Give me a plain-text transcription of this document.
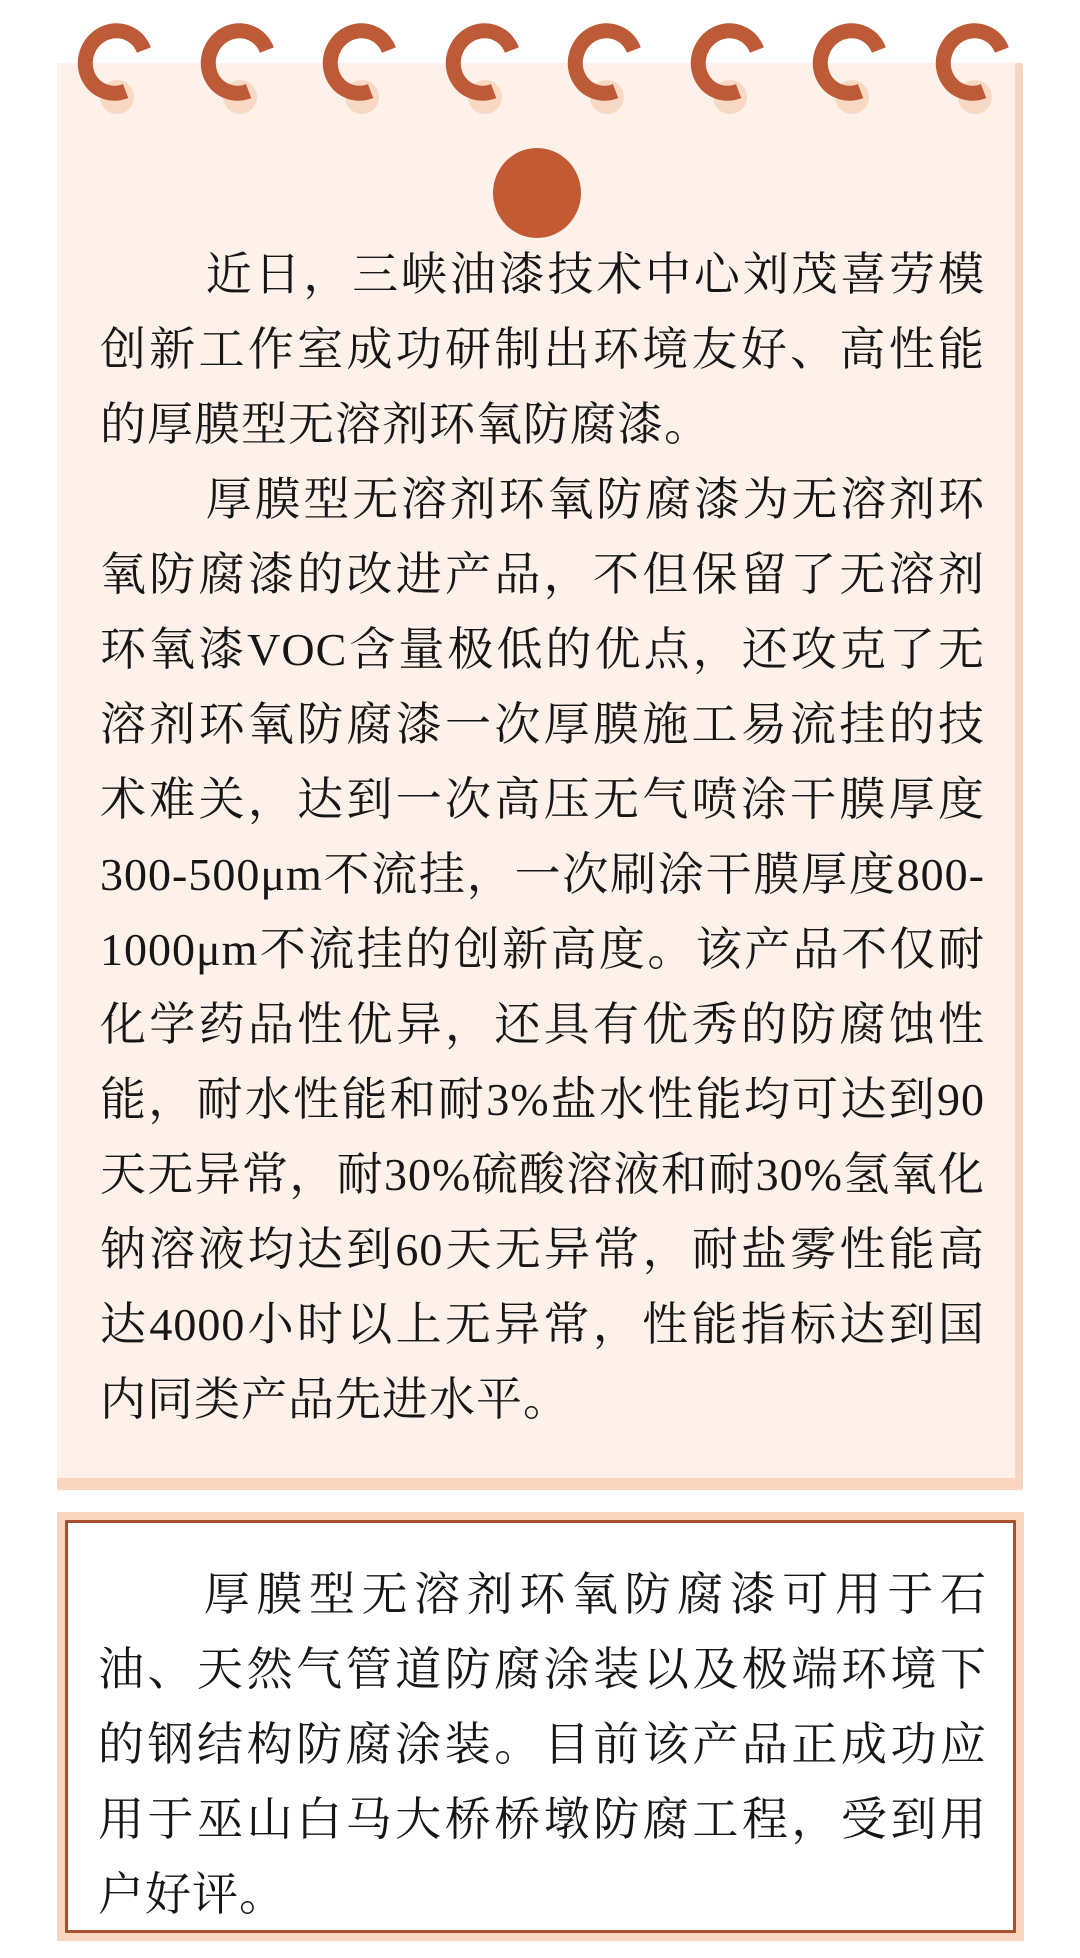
近日，三峡油漆技术中心刘茂喜劳模创新工作室成功研制出环境友好、高性能的厚膜型无溶剂环氧防腐漆。

厚膜型无溶剂环氧防腐漆为无溶剂环氧防腐漆的改进产品，不但保留了无溶剂环氧漆VOC含量极低的优点，还攻克了无溶剂环氧防腐漆一次厚膜施工易流挂的技术难关，达到一次高压无气喷涂干膜厚度300-500μm不流挂，一次刷涂干膜厚度800-1000μm不流挂的创新高度。该产品不仅耐化学药品性优异，还具有优秀的防腐蚀性能，耐水性能和耐3%盐水性能均可达到90天无异常，耐30%硫酸溶液和耐30%氢氧化钠溶液均达到60天无异常，耐盐雾性能高达4000小时以上无异常，性能指标达到国内同类产品先进水平。

厚膜型无溶剂环氧防腐漆可用于石油、天然气管道防腐涂装以及极端环境下的钢结构防腐涂装。目前该产品正成功应用于巫山白马大桥桥墩防腐工程，受到用户好评。
